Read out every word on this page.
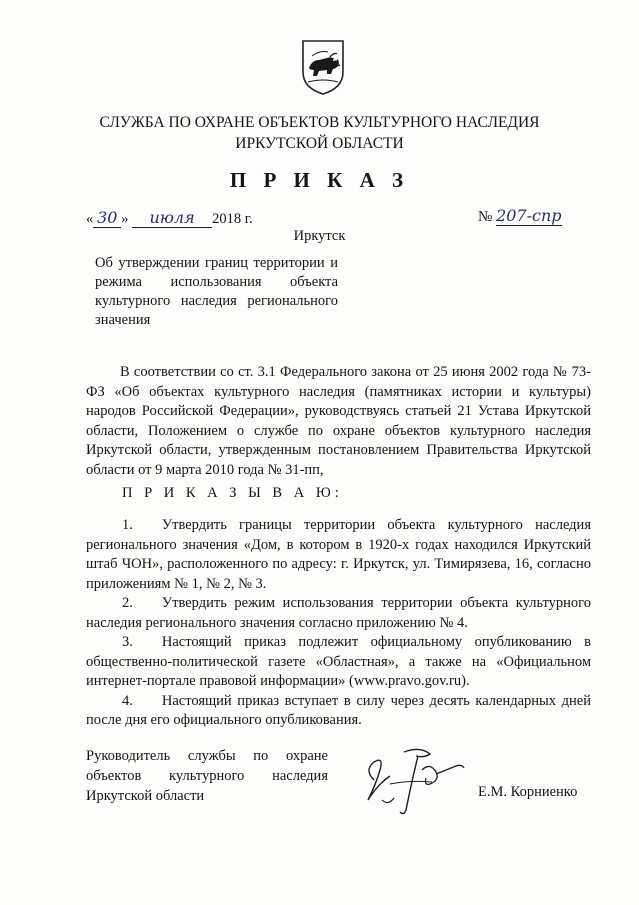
СЛУЖБА ПО ОХРАНЕ ОБЪЕКТОВ КУЛЬТУРНОГО НАСЛЕДИЯ
ИРКУТСКОЙ ОБЛАСТИ
П Р И К А З
« 30 » июля 2018 г.	№ 207-спр
Иркутск
Об утверждении границ территории и режима использования объекта культурного наследия регионального значения
В соответствии со ст. 3.1 Федерального закона от 25 июня 2002 года № 73-ФЗ «Об объектах культурного наследия (памятниках истории и культуры) народов Российской Федерации», руководствуясь статьей 21 Устава Иркутской области, Положением о службе по охране объектов культурного наследия Иркутской области, утвержденным постановлением Правительства Иркутской области от 9 марта 2010 года № 31-пп,
П Р И К А З Ы В А Ю:

1.  Утвердить границы территории объекта культурного наследия регионального значения «Дом, в котором в 1920-х годах находился Иркутский штаб ЧОН», расположенного по адресу: г. Иркутск, ул. Тимирязева, 16, согласно приложениям № 1, № 2, № 3.

2.  Утвердить режим использования территории объекта культурного наследия регионального значения согласно приложению № 4.

3.  Настоящий приказ подлежит официальному опубликованию в общественно-политической газете «Областная», а также на «Официальном интернет-портале правовой информации» (www.pravo.gov.ru).

4.  Настоящий приказ вступает в силу через десять календарных дней после дня его официального опубликования.

Руководитель службы по охране объектов культурного наследия Иркутской области	Е.М. Корниенко
